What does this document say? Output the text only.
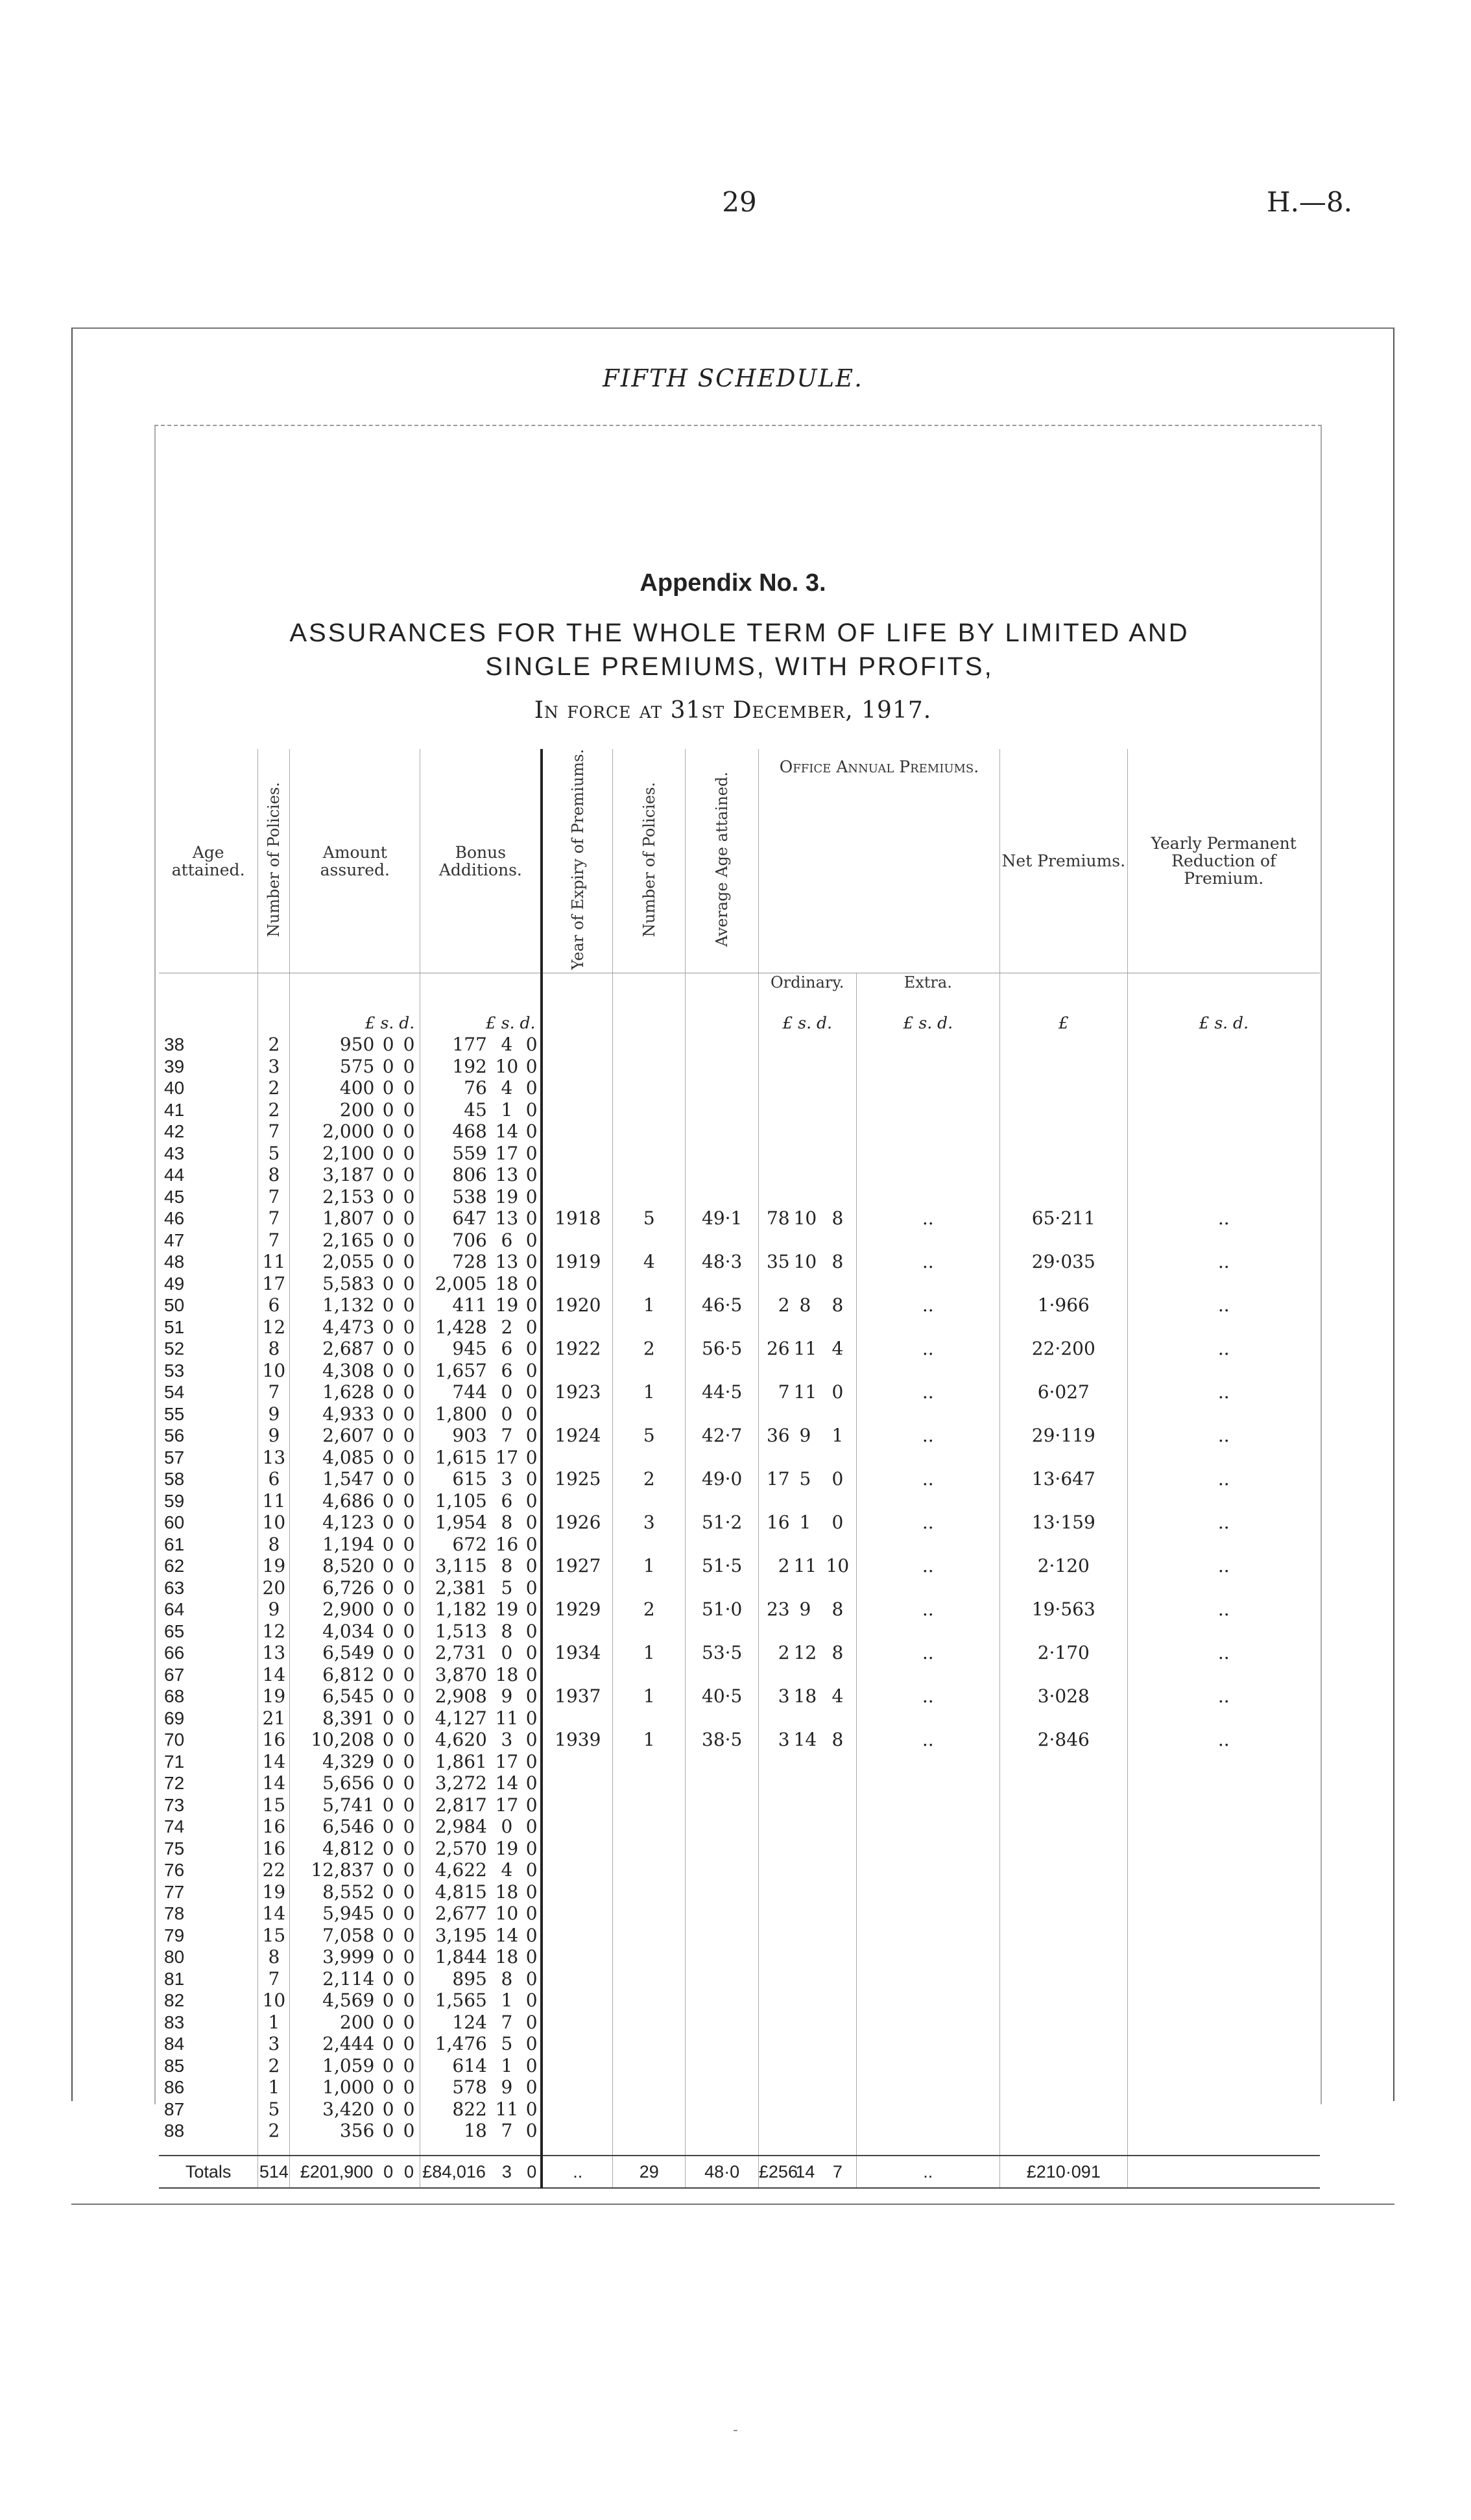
29	H.—8.
FIFTH SCHEDULE.
Appendix No. 3.
ASSURANCES FOR THE WHOLE TERM OF LIFE BY LIMITED AND
SINGLE PREMIUMS, WITH PROFITS,
In force at 31st December, 1917.
Age attained.	Number of Policies.	Amount assured.			Bonus Additions.			Year of Expiry of Premiums.	Number of Policies.	Average Age attained.	Office Annual Premiums.				Net Premiums.	Yearly Permanent Reduction of Premium.

											Ordinary.			Extra.		

		£ s. d.			£ s. d.						£ s. d.			£ s. d.	£	£ s. d.
38	2	950	0	0	177	4	0									
39	3	575	0	0	192	10	0									
40	2	400	0	0	76	4	0									
41	2	200	0	0	45	1	0									
42	7	2,000	0	0	468	14	0									
43	5	2,100	0	0	559	17	0									
44	8	3,187	0	0	806	13	0									
45	7	2,153	0	0	538	19	0									
46	7	1,807	0	0	647	13	0	1918	5	49·1	78	10	8	..	65·211	..
47	7	2,165	0	0	706	6	0									
48	11	2,055	0	0	728	13	0	1919	4	48·3	35	10	8	..	29·035	..
49	17	5,583	0	0	2,005	18	0									
50	6	1,132	0	0	411	19	0	1920	1	46·5	2	8	8	..	1·966	..
51	12	4,473	0	0	1,428	2	0									
52	8	2,687	0	0	945	6	0	1922	2	56·5	26	11	4	..	22·200	..
53	10	4,308	0	0	1,657	6	0									
54	7	1,628	0	0	744	0	0	1923	1	44·5	7	11	0	..	6·027	..
55	9	4,933	0	0	1,800	0	0									
56	9	2,607	0	0	903	7	0	1924	5	42·7	36	9	1	..	29·119	..
57	13	4,085	0	0	1,615	17	0									
58	6	1,547	0	0	615	3	0	1925	2	49·0	17	5	0	..	13·647	..
59	11	4,686	0	0	1,105	6	0									
60	10	4,123	0	0	1,954	8	0	1926	3	51·2	16	1	0	..	13·159	..
61	8	1,194	0	0	672	16	0									
62	19	8,520	0	0	3,115	8	0	1927	1	51·5	2	11	10	..	2·120	..
63	20	6,726	0	0	2,381	5	0									
64	9	2,900	0	0	1,182	19	0	1929	2	51·0	23	9	8	..	19·563	..
65	12	4,034	0	0	1,513	8	0									
66	13	6,549	0	0	2,731	0	0	1934	1	53·5	2	12	8	..	2·170	..
67	14	6,812	0	0	3,870	18	0									
68	19	6,545	0	0	2,908	9	0	1937	1	40·5	3	18	4	..	3·028	..
69	21	8,391	0	0	4,127	11	0									
70	16	10,208	0	0	4,620	3	0	1939	1	38·5	3	14	8	..	2·846	..
71	14	4,329	0	0	1,861	17	0									
72	14	5,656	0	0	3,272	14	0									
73	15	5,741	0	0	2,817	17	0									
74	16	6,546	0	0	2,984	0	0									
75	16	4,812	0	0	2,570	19	0									
76	22	12,837	0	0	4,622	4	0									
77	19	8,552	0	0	4,815	18	0									
78	14	5,945	0	0	2,677	10	0									
79	15	7,058	0	0	3,195	14	0									
80	8	3,999	0	0	1,844	18	0									
81	7	2,114	0	0	895	8	0									
82	10	4,569	0	0	1,565	1	0									
83	1	200	0	0	124	7	0									
84	3	2,444	0	0	1,476	5	0									
85	2	1,059	0	0	614	1	0									
86	1	1,000	0	0	578	9	0									
87	5	3,420	0	0	822	11	0									
88	2	356	0	0	18	7	0									

Totals	514	£201,900	0	0	£84,016	3	0	..	29	48·0	£256	14	7	..	£210·091	
-
